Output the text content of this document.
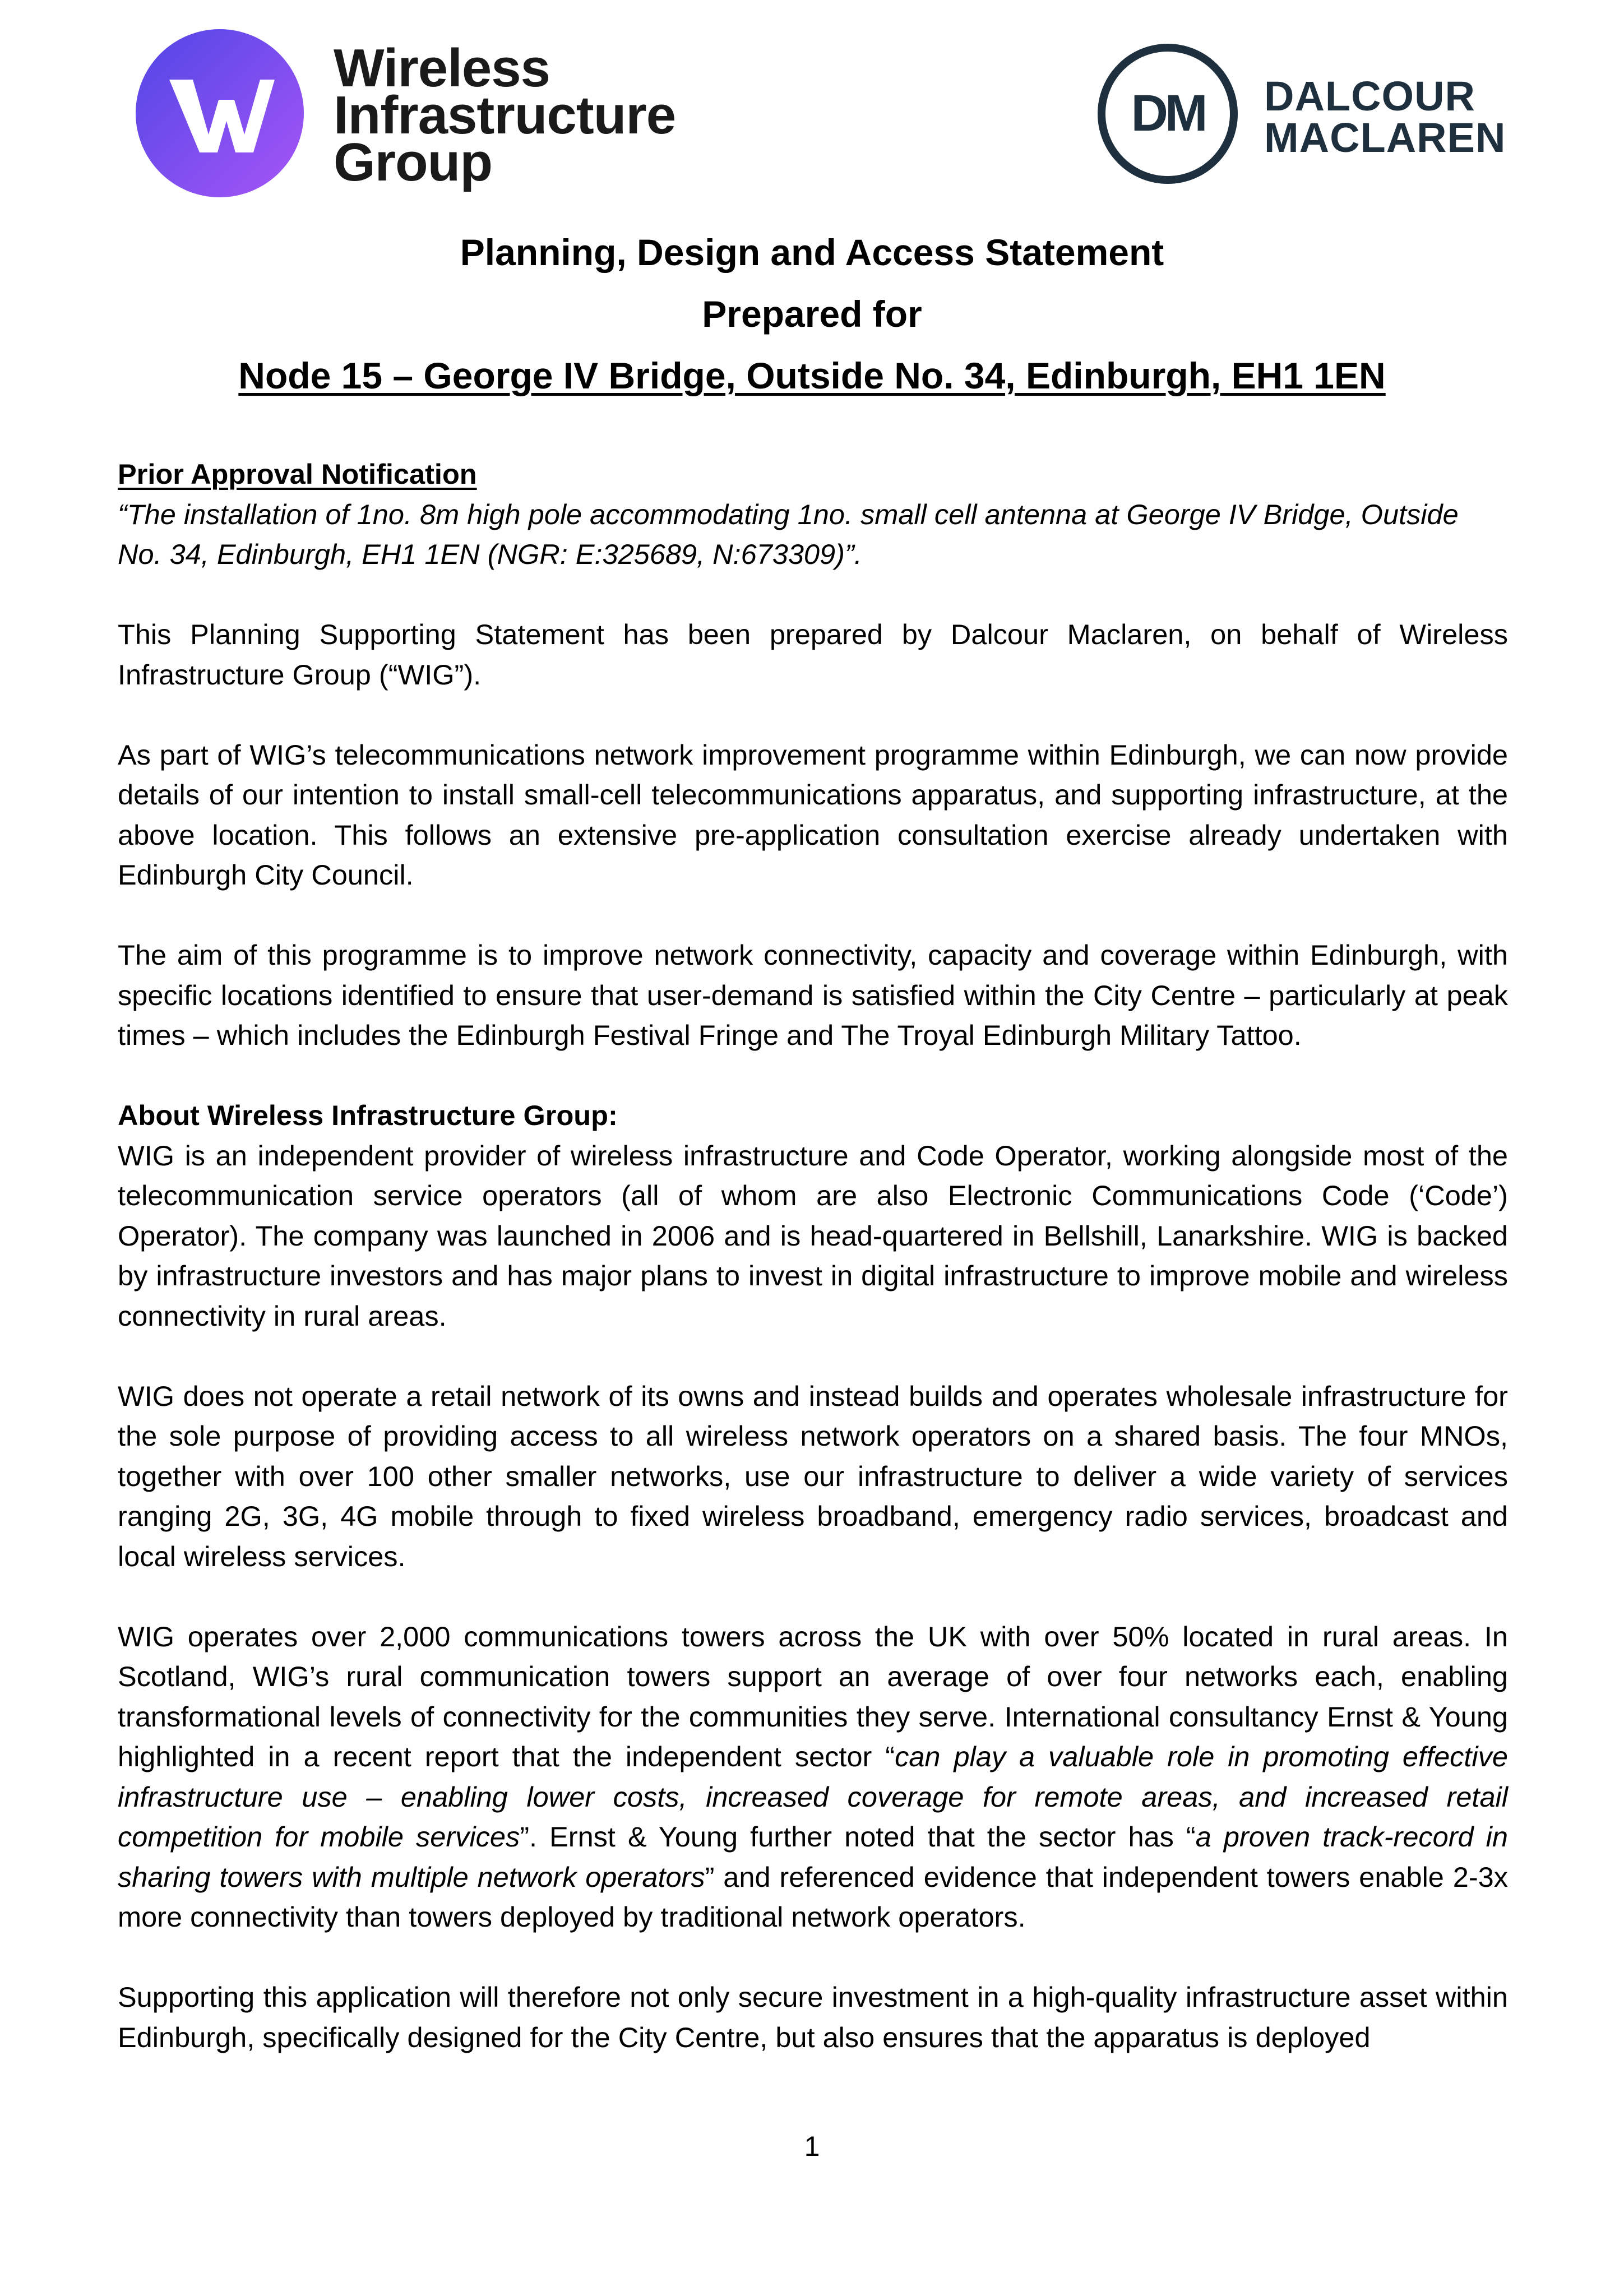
Wireless
Infrastructure
Group
DM DALCOUR
MACLAREN
Planning, Design and Access Statement
Prepared for
Node 15 – George IV Bridge, Outside No. 34, Edinburgh, EH1 1EN

Prior Approval Notification
“The installation of 1no. 8m high pole accommodating 1no. small cell antenna at George IV Bridge, Outside No. 34, Edinburgh, EH1 1EN (NGR: E:325689, N:673309)”.

This Planning Supporting Statement has been prepared by Dalcour Maclaren, on behalf of Wireless Infrastructure Group (“WIG”).

As part of WIG’s telecommunications network improvement programme within Edinburgh, we can now provide details of our intention to install small-cell telecommunications apparatus, and supporting infrastructure, at the above location. This follows an extensive pre-application consultation exercise already undertaken with Edinburgh City Council.

The aim of this programme is to improve network connectivity, capacity and coverage within Edinburgh, with specific locations identified to ensure that user-demand is satisfied within the City Centre – particularly at peak times – which includes the Edinburgh Festival Fringe and The Troyal Edinburgh Military Tattoo.

About Wireless Infrastructure Group:
WIG is an independent provider of wireless infrastructure and Code Operator, working alongside most of the telecommunication service operators (all of whom are also Electronic Communications Code (‘Code’) Operator). The company was launched in 2006 and is head-quartered in Bellshill, Lanarkshire. WIG is backed by infrastructure investors and has major plans to invest in digital infrastructure to improve mobile and wireless connectivity in rural areas.

WIG does not operate a retail network of its owns and instead builds and operates wholesale infrastructure for the sole purpose of providing access to all wireless network operators on a shared basis. The four MNOs, together with over 100 other smaller networks, use our infrastructure to deliver a wide variety of services ranging 2G, 3G, 4G mobile through to fixed wireless broadband, emergency radio services, broadcast and local wireless services.

WIG operates over 2,000 communications towers across the UK with over 50% located in rural areas. In Scotland, WIG’s rural communication towers support an average of over four networks each, enabling transformational levels of connectivity for the communities they serve. International consultancy Ernst & Young highlighted in a recent report that the independent sector “can play a valuable role in promoting effective infrastructure use – enabling lower costs, increased coverage for remote areas, and increased retail competition for mobile services”. Ernst & Young further noted that the sector has “a proven track-record in sharing towers with multiple network operators” and referenced evidence that independent towers enable 2-3x more connectivity than towers deployed by traditional network operators.

Supporting this application will therefore not only secure investment in a high-quality infrastructure asset within Edinburgh, specifically designed for the City Centre, but also ensures that the apparatus is deployed

1
